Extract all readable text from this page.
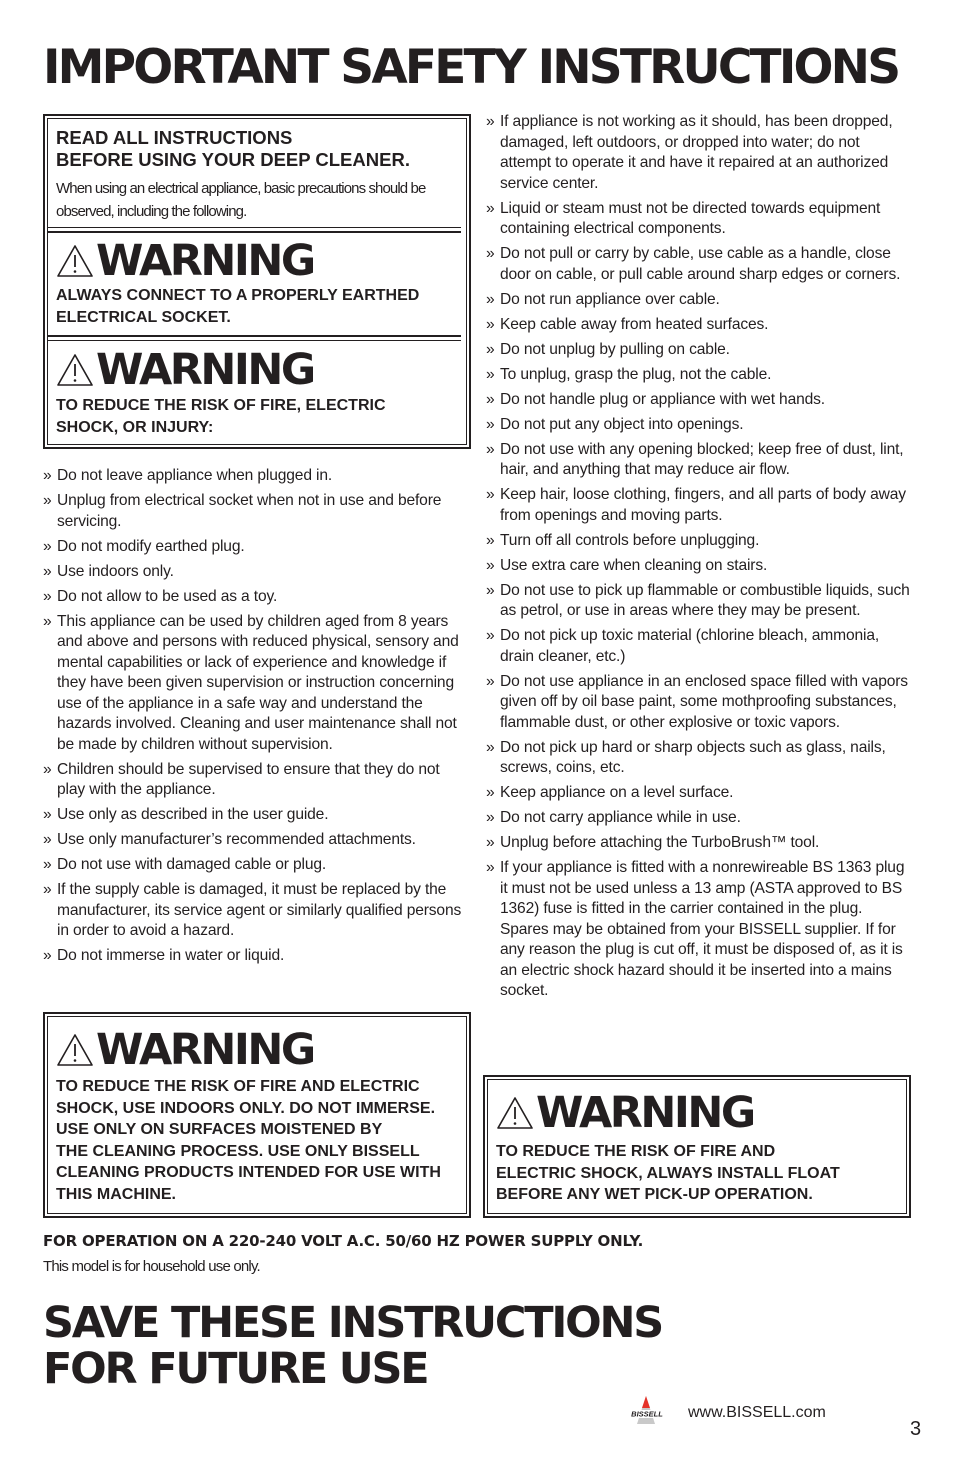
IMPORTANT SAFETY INSTRUCTIONS
READ ALL INSTRUCTIONS
BEFORE USING YOUR DEEP CLEANER.
When using an electrical appliance, basic precautions should be observed, including the following.
WARNING
ALWAYS CONNECT TO A PROPERLY EARTHED
ELECTRICAL SOCKET.
WARNING
TO REDUCE THE RISK OF FIRE, ELECTRIC
SHOCK, OR INJURY:
» Do not leave appliance when plugged in.
» Unplug from electrical socket when not in use and before servicing.
» Do not modify earthed plug.
» Use indoors only.
» Do not allow to be used as a toy.
» This appliance can be used by children aged from 8 years and above and persons with reduced physical, sensory and mental capabilities or lack of experience and knowledge if they have been given supervision or instruction concerning use of the appliance in a safe way and understand the hazards involved. Cleaning and user maintenance shall not be made by children without supervision.
» Children should be supervised to ensure that they do not play with the appliance.
» Use only as described in the user guide.
» Use only manufacturer’s recommended attachments.
» Do not use with damaged cable or plug.
» If the supply cable is damaged, it must be replaced by the manufacturer, its service agent or similarly qualified persons in order to avoid a hazard.
» Do not immerse in water or liquid.
WARNING
TO REDUCE THE RISK OF FIRE AND ELECTRIC
SHOCK, USE INDOORS ONLY. DO NOT IMMERSE.
USE ONLY ON SURFACES MOISTENED BY
THE CLEANING PROCESS. USE ONLY BISSELL
CLEANING PRODUCTS INTENDED FOR USE WITH
THIS MACHINE.
» If appliance is not working as it should, has been dropped, damaged, left outdoors, or dropped into water; do not attempt to operate it and have it repaired at an authorized service center.
» Liquid or steam must not be directed towards equipment containing electrical components.
» Do not pull or carry by cable, use cable as a handle, close door on cable, or pull cable around sharp edges or corners.
» Do not run appliance over cable.
» Keep cable away from heated surfaces.
» Do not unplug by pulling on cable.
» To unplug, grasp the plug, not the cable.
» Do not handle plug or appliance with wet hands.
» Do not put any object into openings.
» Do not use with any opening blocked; keep free of dust, lint, hair, and anything that may reduce air flow.
» Keep hair, loose clothing, fingers, and all parts of body away from openings and moving parts.
» Turn off all controls before unplugging.
» Use extra care when cleaning on stairs.
» Do not use to pick up flammable or combustible liquids, such as petrol, or use in areas where they may be present.
» Do not pick up toxic material (chlorine bleach, ammonia, drain cleaner, etc.)
» Do not use appliance in an enclosed space filled with vapors given off by oil base paint, some mothproofing substances, flammable dust, or other explosive or toxic vapors.
» Do not pick up hard or sharp objects such as glass, nails, screws, coins, etc.
» Keep appliance on a level surface.
» Do not carry appliance while in use.
» Unplug before attaching the TurboBrush™ tool.
» If your appliance is fitted with a nonrewireable BS 1363 plug it must not be used unless a 13 amp (ASTA approved to BS 1362) fuse is fitted in the carrier contained in the plug. Spares may be obtained from your BISSELL supplier. If for any reason the plug is cut off, it must be disposed of, as it is an electric shock hazard should it be inserted into a mains socket.
WARNING
TO REDUCE THE RISK OF FIRE AND
ELECTRIC SHOCK, ALWAYS INSTALL FLOAT
BEFORE ANY WET PICK-UP OPERATION.
FOR OPERATION ON A 220-240 VOLT A.C. 50/60 HZ POWER SUPPLY ONLY.
This model is for household use only.
SAVE THESE INSTRUCTIONS
FOR FUTURE USE
BISSELL www.BISSELL.com
3
